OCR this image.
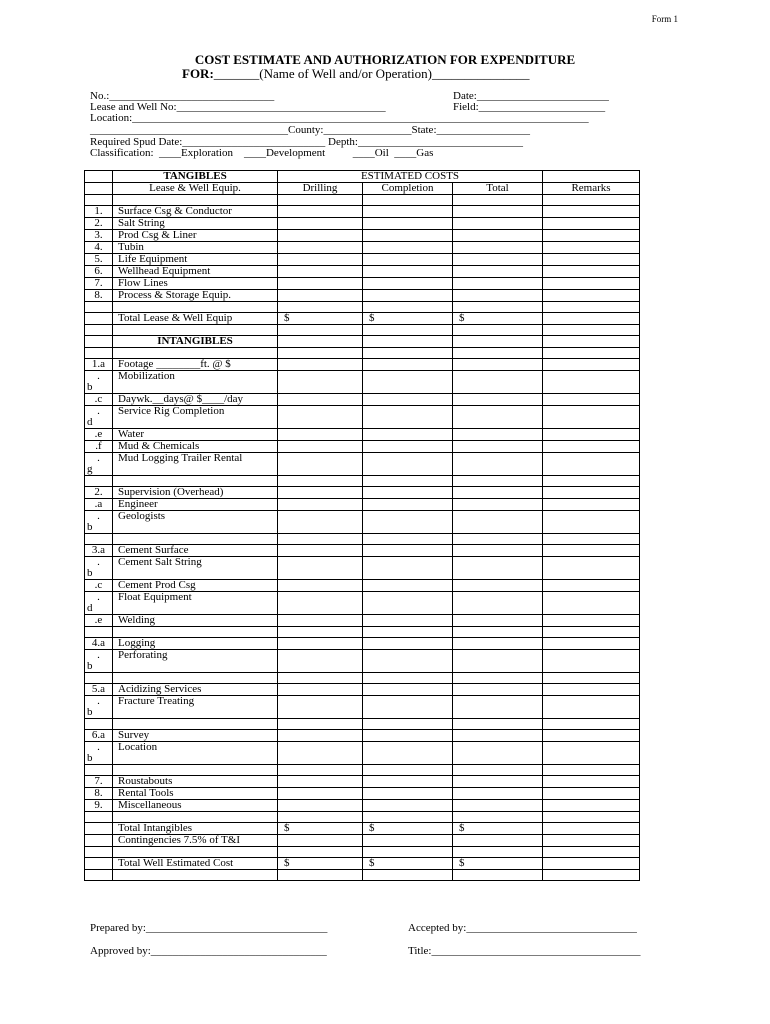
Form 1
COST ESTIMATE AND AUTHORIZATION FOR EXPENDITURE
FOR:_______(Name of Well and/or Operation)_______________
No.:______________________________	Date:________________________
Lease and Well No:______________________________________	Field:_______________________
Location:___________________________________________________________________________________
____________________________________County:________________State:_________________
Required Spud Date:__________________________ Depth:______________________________
Classification:  ____Exploration    ____Development          ____Oil  ____Gas
	TANGIBLES	ESTIMATED COSTS			
	Lease & Well Equip.	Drilling	Completion	Total	Remarks

1.	Surface Csg & Conductor				

2.	Salt String				

3.	Prod Csg & Liner				

4.	Tubin				

5.	Life Equipment				

6.	Wellhead Equipment				

7.	Flow Lines				

8.	Process & Storage Equip.				

	Total Lease & Well Equip	$	$	$	

	INTANGIBLES				

1.a	Footage ________ft. @ $				

.
b	Mobilization				

.c	Daywk.__days@ $____/day				

.
d	Service Rig Completion				

.e	Water				

.f	Mud & Chemicals				

.
g	Mud Logging Trailer Rental				

2.	Supervision (Overhead)				

.a	Engineer				

.
b	Geologists				

3.a	Cement Surface				

.
b	Cement Salt String				

.c	Cement Prod Csg				

.
d	Float Equipment				

.e	Welding				

4.a	Logging				

.
b	Perforating				

5.a	Acidizing Services				

.
b	Fracture Treating				

6.a	Survey				

.
b	Location				

7.	Roustabouts				

8.	Rental Tools				

9.	Miscellaneous				

	Total Intangibles	$	$	$	
	Contingencies 7.5% of T&I				

	Total Well Estimated Cost	$	$	$	

Prepared by:_________________________________	Accepted by:_______________________________
Approved by:________________________________	Title:______________________________________
